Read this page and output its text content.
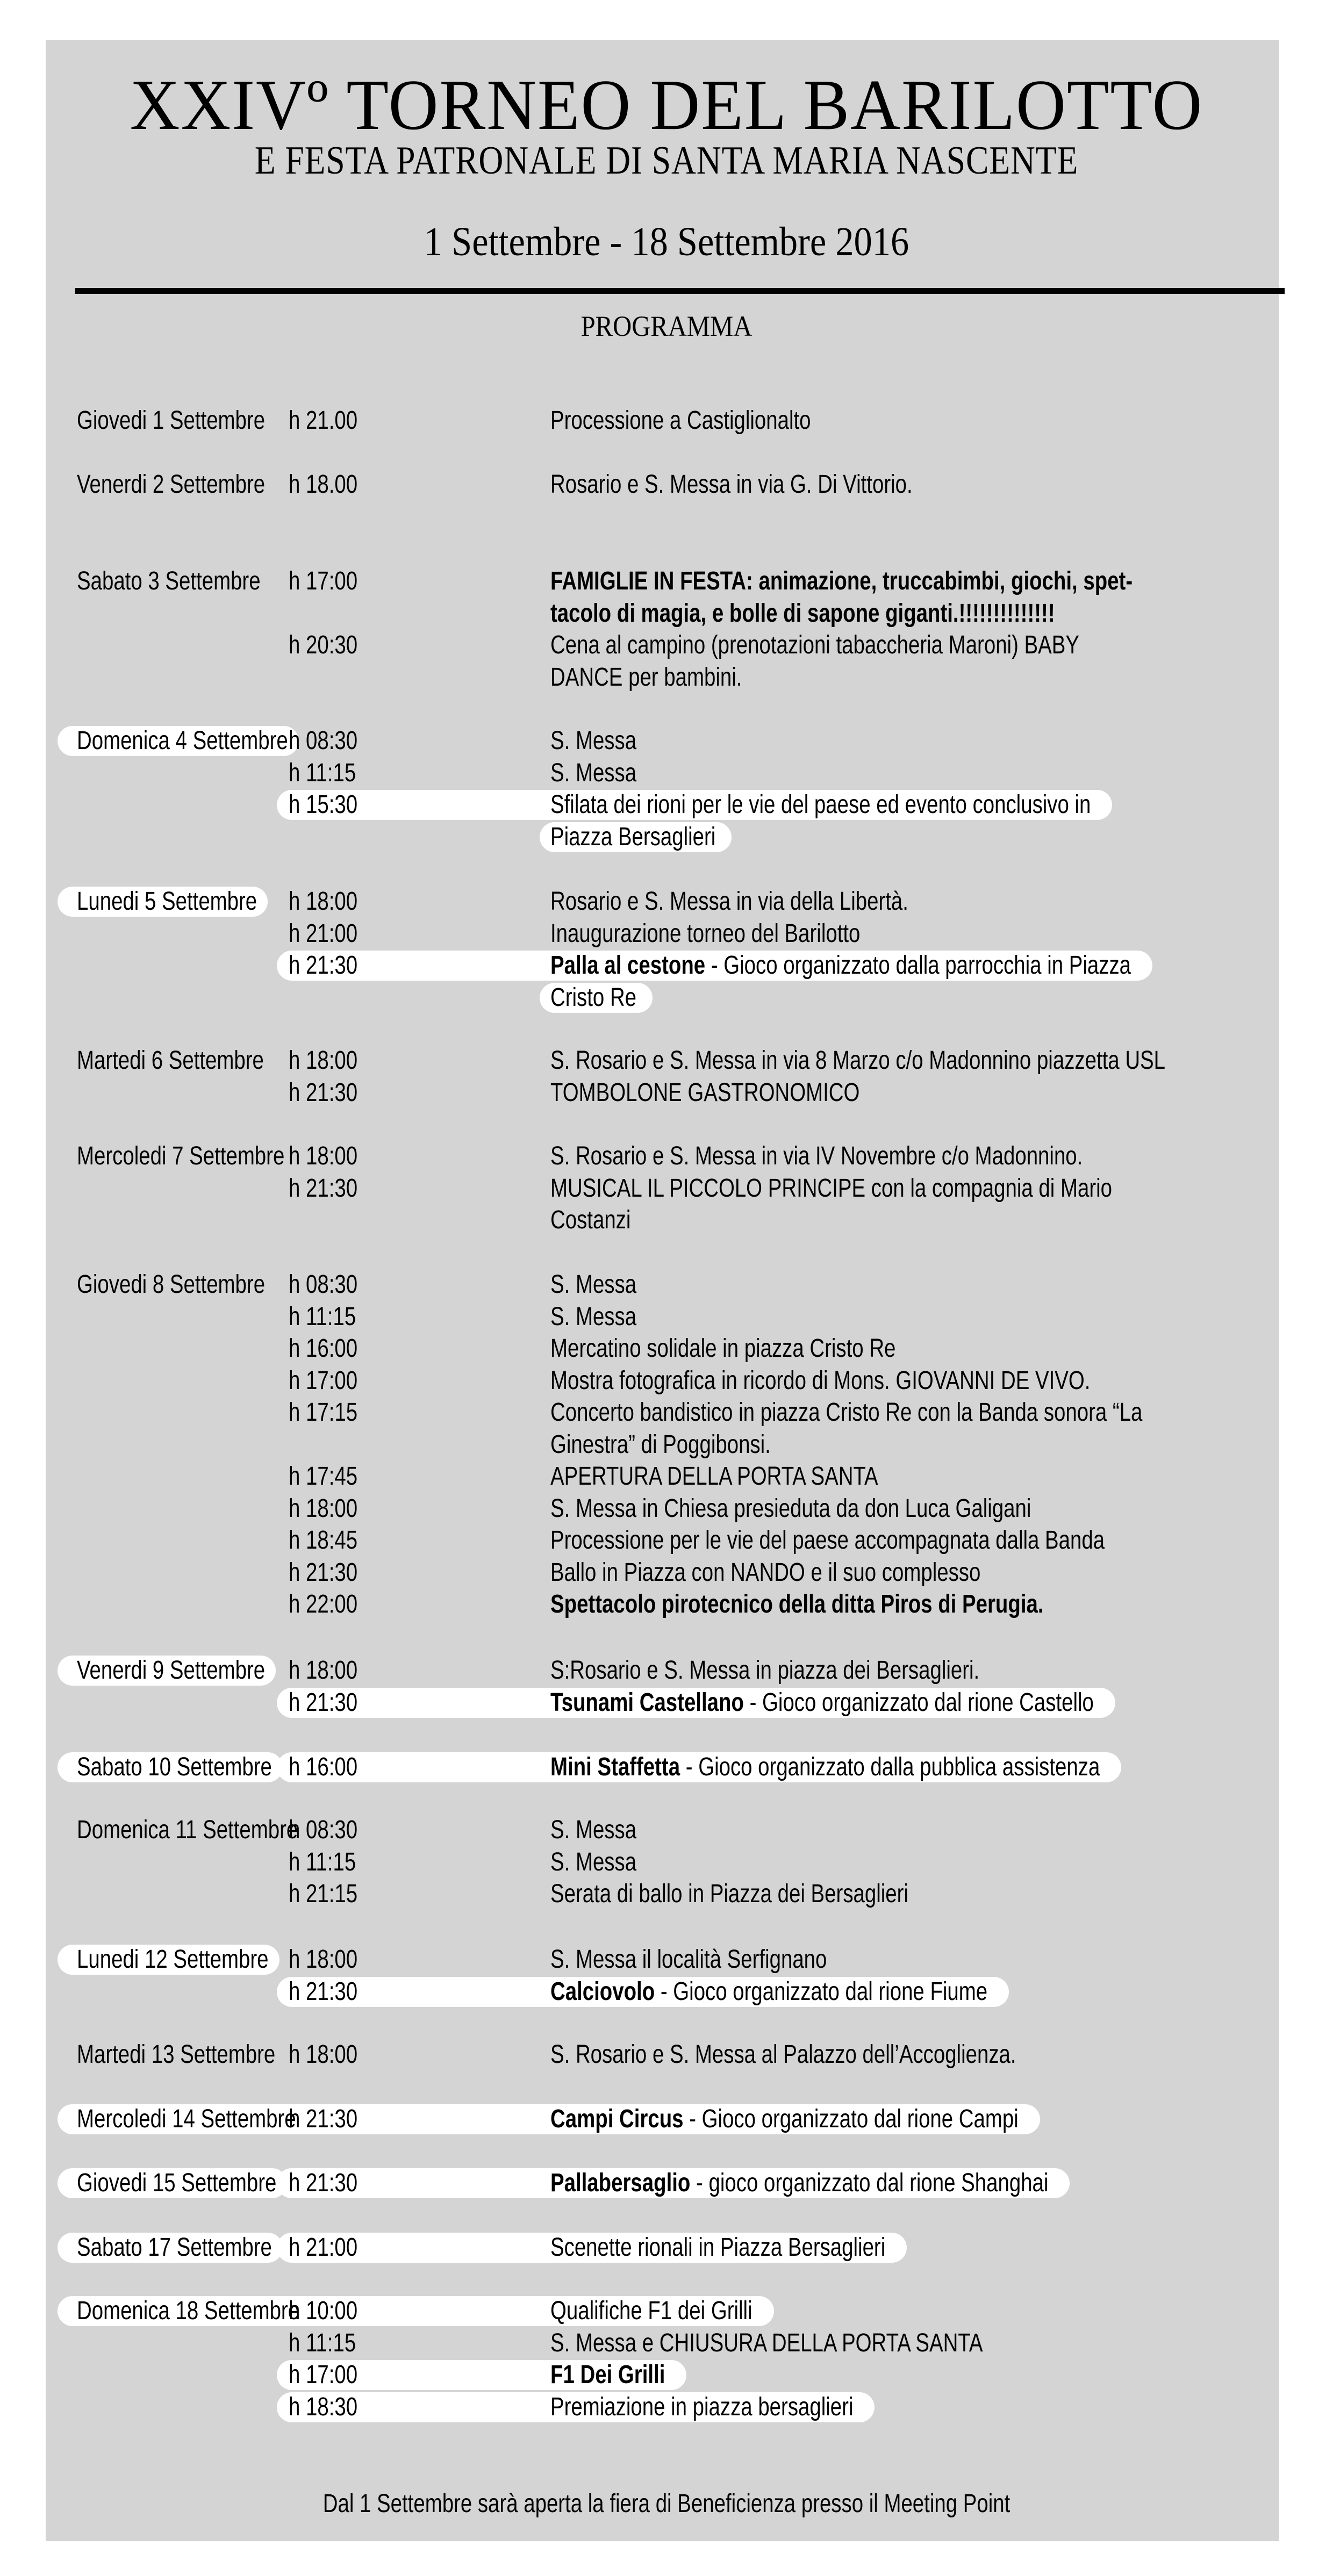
XXIVº TORNEO DEL BARILOTTO
E FESTA PATRONALE DI SANTA MARIA NASCENTE
1 Settembre - 18 Settembre 2016
PROGRAMMA
Giovedi 1 Settembre h 21.00	Processione a Castiglionalto
Venerdi 2 Settembre h 18.00	Rosario e S. Messa in via G. Di Vittorio.
Sabato 3 Settembre h 17:00	FAMIGLIE IN FESTA: animazione, truccabimbi, giochi, spet-
tacolo di magia, e bolle di sapone giganti.!!!!!!!!!!!!!!
h 20:30	Cena al campino (prenotazioni tabaccheria Maroni) BABY
DANCE per bambini.
Domenica 4 Settembre h 08:30	S. Messa
h 11:15	S. Messa
h 15:30	Sfilata dei rioni per le vie del paese ed evento conclusivo in
Piazza Bersaglieri
Lunedi 5 Settembre h 18:00	Rosario e S. Messa in via della Libertà.
h 21:00	Inaugurazione torneo del Barilotto
h 21:30	Palla al cestone - Gioco organizzato dalla parrocchia in Piazza
Cristo Re
Martedi 6 Settembre h 18:00	S. Rosario e S. Messa in via 8 Marzo c/o Madonnino piazzetta USL
h 21:30	TOMBOLONE GASTRONOMICO
Mercoledi 7 Settembre h 18:00	S. Rosario e S. Messa in via IV Novembre c/o Madonnino.
h 21:30	MUSICAL IL PICCOLO PRINCIPE con la compagnia di Mario
Costanzi
Giovedi 8 Settembre h 08:30	S. Messa
h 11:15	S. Messa
h 16:00	Mercatino solidale in piazza Cristo Re
h 17:00	Mostra fotografica in ricordo di Mons. GIOVANNI DE VIVO.
h 17:15	Concerto bandistico in piazza Cristo Re con la Banda sonora “La
Ginestra” di Poggibonsi.
h 17:45	APERTURA DELLA PORTA SANTA
h 18:00	S. Messa in Chiesa presieduta da don Luca Galigani
h 18:45	Processione per le vie del paese accompagnata dalla Banda
h 21:30	Ballo in Piazza con NANDO e il suo complesso
h 22:00	Spettacolo pirotecnico della ditta Piros di Perugia.
Venerdi 9 Settembre h 18:00	S:Rosario e S. Messa in piazza dei Bersaglieri.
h 21:30	Tsunami Castellano - Gioco organizzato dal rione Castello
Sabato 10 Settembre h 16:00	Mini Staffetta - Gioco organizzato dalla pubblica assistenza
Domenica 11 Settembre
h 08:30	S. Messa
h 11:15	S. Messa
h 21:15	Serata di ballo in Piazza dei Bersaglieri
Lunedi 12 Settembre h 18:00	S. Messa il località Serfignano
h 21:30	Calciovolo - Gioco organizzato dal rione Fiume
Martedi 13 Settembre h 18:00	S. Rosario e S. Messa al Palazzo dell’Accoglienza.
Mercoledi 14 Settembre
h 21:30	Campi Circus - Gioco organizzato dal rione Campi
Giovedi 15 Settembre h 21:30	Pallabersaglio - gioco organizzato dal rione Shanghai
Sabato 17 Settembre h 21:00	Scenette rionali in Piazza Bersaglieri
Domenica 18 Settembre
h 10:00	Qualifiche F1 dei Grilli
h 11:15	S. Messa e CHIUSURA DELLA PORTA SANTA
h 17:00	F1 Dei Grilli
h 18:30	Premiazione in piazza bersaglieri
Dal 1 Settembre sarà aperta la fiera di Beneficienza presso il Meeting Point
